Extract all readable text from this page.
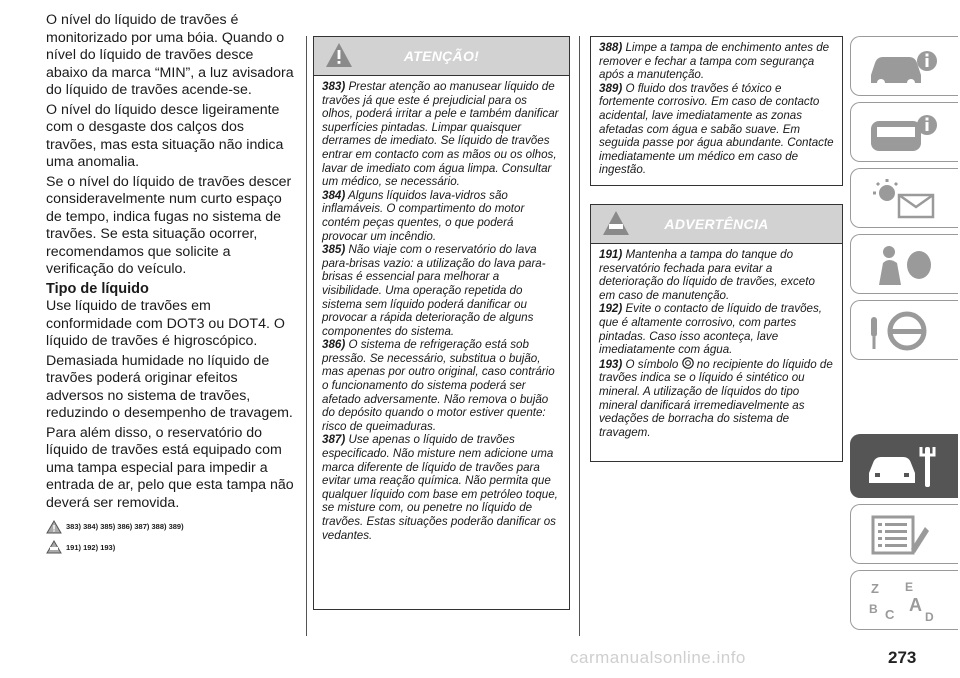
O nível do líquido de travões é monitorizado por uma bóia. Quando o nível do líquido de travões desce abaixo da marca “MIN”, a luz avisadora do líquido de travões acende-se.

O nível do líquido desce ligeiramente com o desgaste dos calços dos travões, mas esta situação não indica uma anomalia.

Se o nível do líquido de travões descer consideravelmente num curto espaço de tempo, indica fugas no sistema de travões. Se esta situação ocorrer, recomendamos que solicite a verificação do veículo.

Tipo de líquido

Use líquido de travões em conformidade com DOT3 ou DOT4. O líquido de travões é higroscópico.

Demasiada humidade no líquido de travões poderá originar efeitos adversos no sistema de travões, reduzindo o desempenho de travagem.

Para além disso, o reservatório do líquido de travões está equipado com uma tampa especial para impedir a entrada de ar, pelo que esta tampa não deverá ser removida.

383) 384) 385) 386) 387) 388) 389)
191) 192) 193)
ATENÇÃO!

383) Prestar atenção ao manusear líquido de travões já que este é prejudicial para os olhos, poderá irritar a pele e também danificar superfícies pintadas. Limpar quaisquer derrames de imediato. Se líquido de travões entrar em contacto com as mãos ou os olhos, lavar de imediato com água limpa. Consultar um médico, se necessário.

384) Alguns líquidos lava-vidros são inflamáveis. O compartimento do motor contém peças quentes, o que poderá provocar um incêndio.

385) Não viaje com o reservatório do lava para-brisas vazio: a utilização do lava para-brisas é essencial para melhorar a visibilidade. Uma operação repetida do sistema sem líquido poderá danificar ou provocar a rápida deterioração de alguns componentes do sistema.

386) O sistema de refrigeração está sob pressão. Se necessário, substitua o bujão, mas apenas por outro original, caso contrário o funcionamento do sistema poderá ser afetado adversamente. Não remova o bujão do depósito quando o motor estiver quente: risco de queimaduras.

387) Use apenas o líquido de travões especificado. Não misture nem adicione uma marca diferente de líquido de travões para evitar uma reação química. Não permita que qualquer líquido com base em petróleo toque, se misture com, ou penetre no líquido de travões. Estas situações poderão danificar os vedantes.

388) Limpe a tampa de enchimento antes de remover e fechar a tampa com segurança após a manutenção.

389) O fluido dos travões é tóxico e fortemente corrosivo. Em caso de contacto acidental, lave imediatamente as zonas afetadas com água e sabão suave. Em seguida passe por água abundante. Contacte imediatamente um médico em caso de ingestão.

ADVERTÊNCIA

191) Mantenha a tampa do tanque do reservatório fechada para evitar a deterioração do líquido de travões, exceto em caso de manutenção.

192) Evite o contacto de líquido de travões, que é altamente corrosivo, com partes pintadas. Caso isso aconteça, lave imediatamente com água.

193) O símbolo no recipiente do líquido de travões indica se o líquido é sintético ou mineral. A utilização de líquidos do tipo mineral danificará irremediavelmente as vedações de borracha do sistema de travagem.

Z E
B C A
D
carmanualsonline.info	273
